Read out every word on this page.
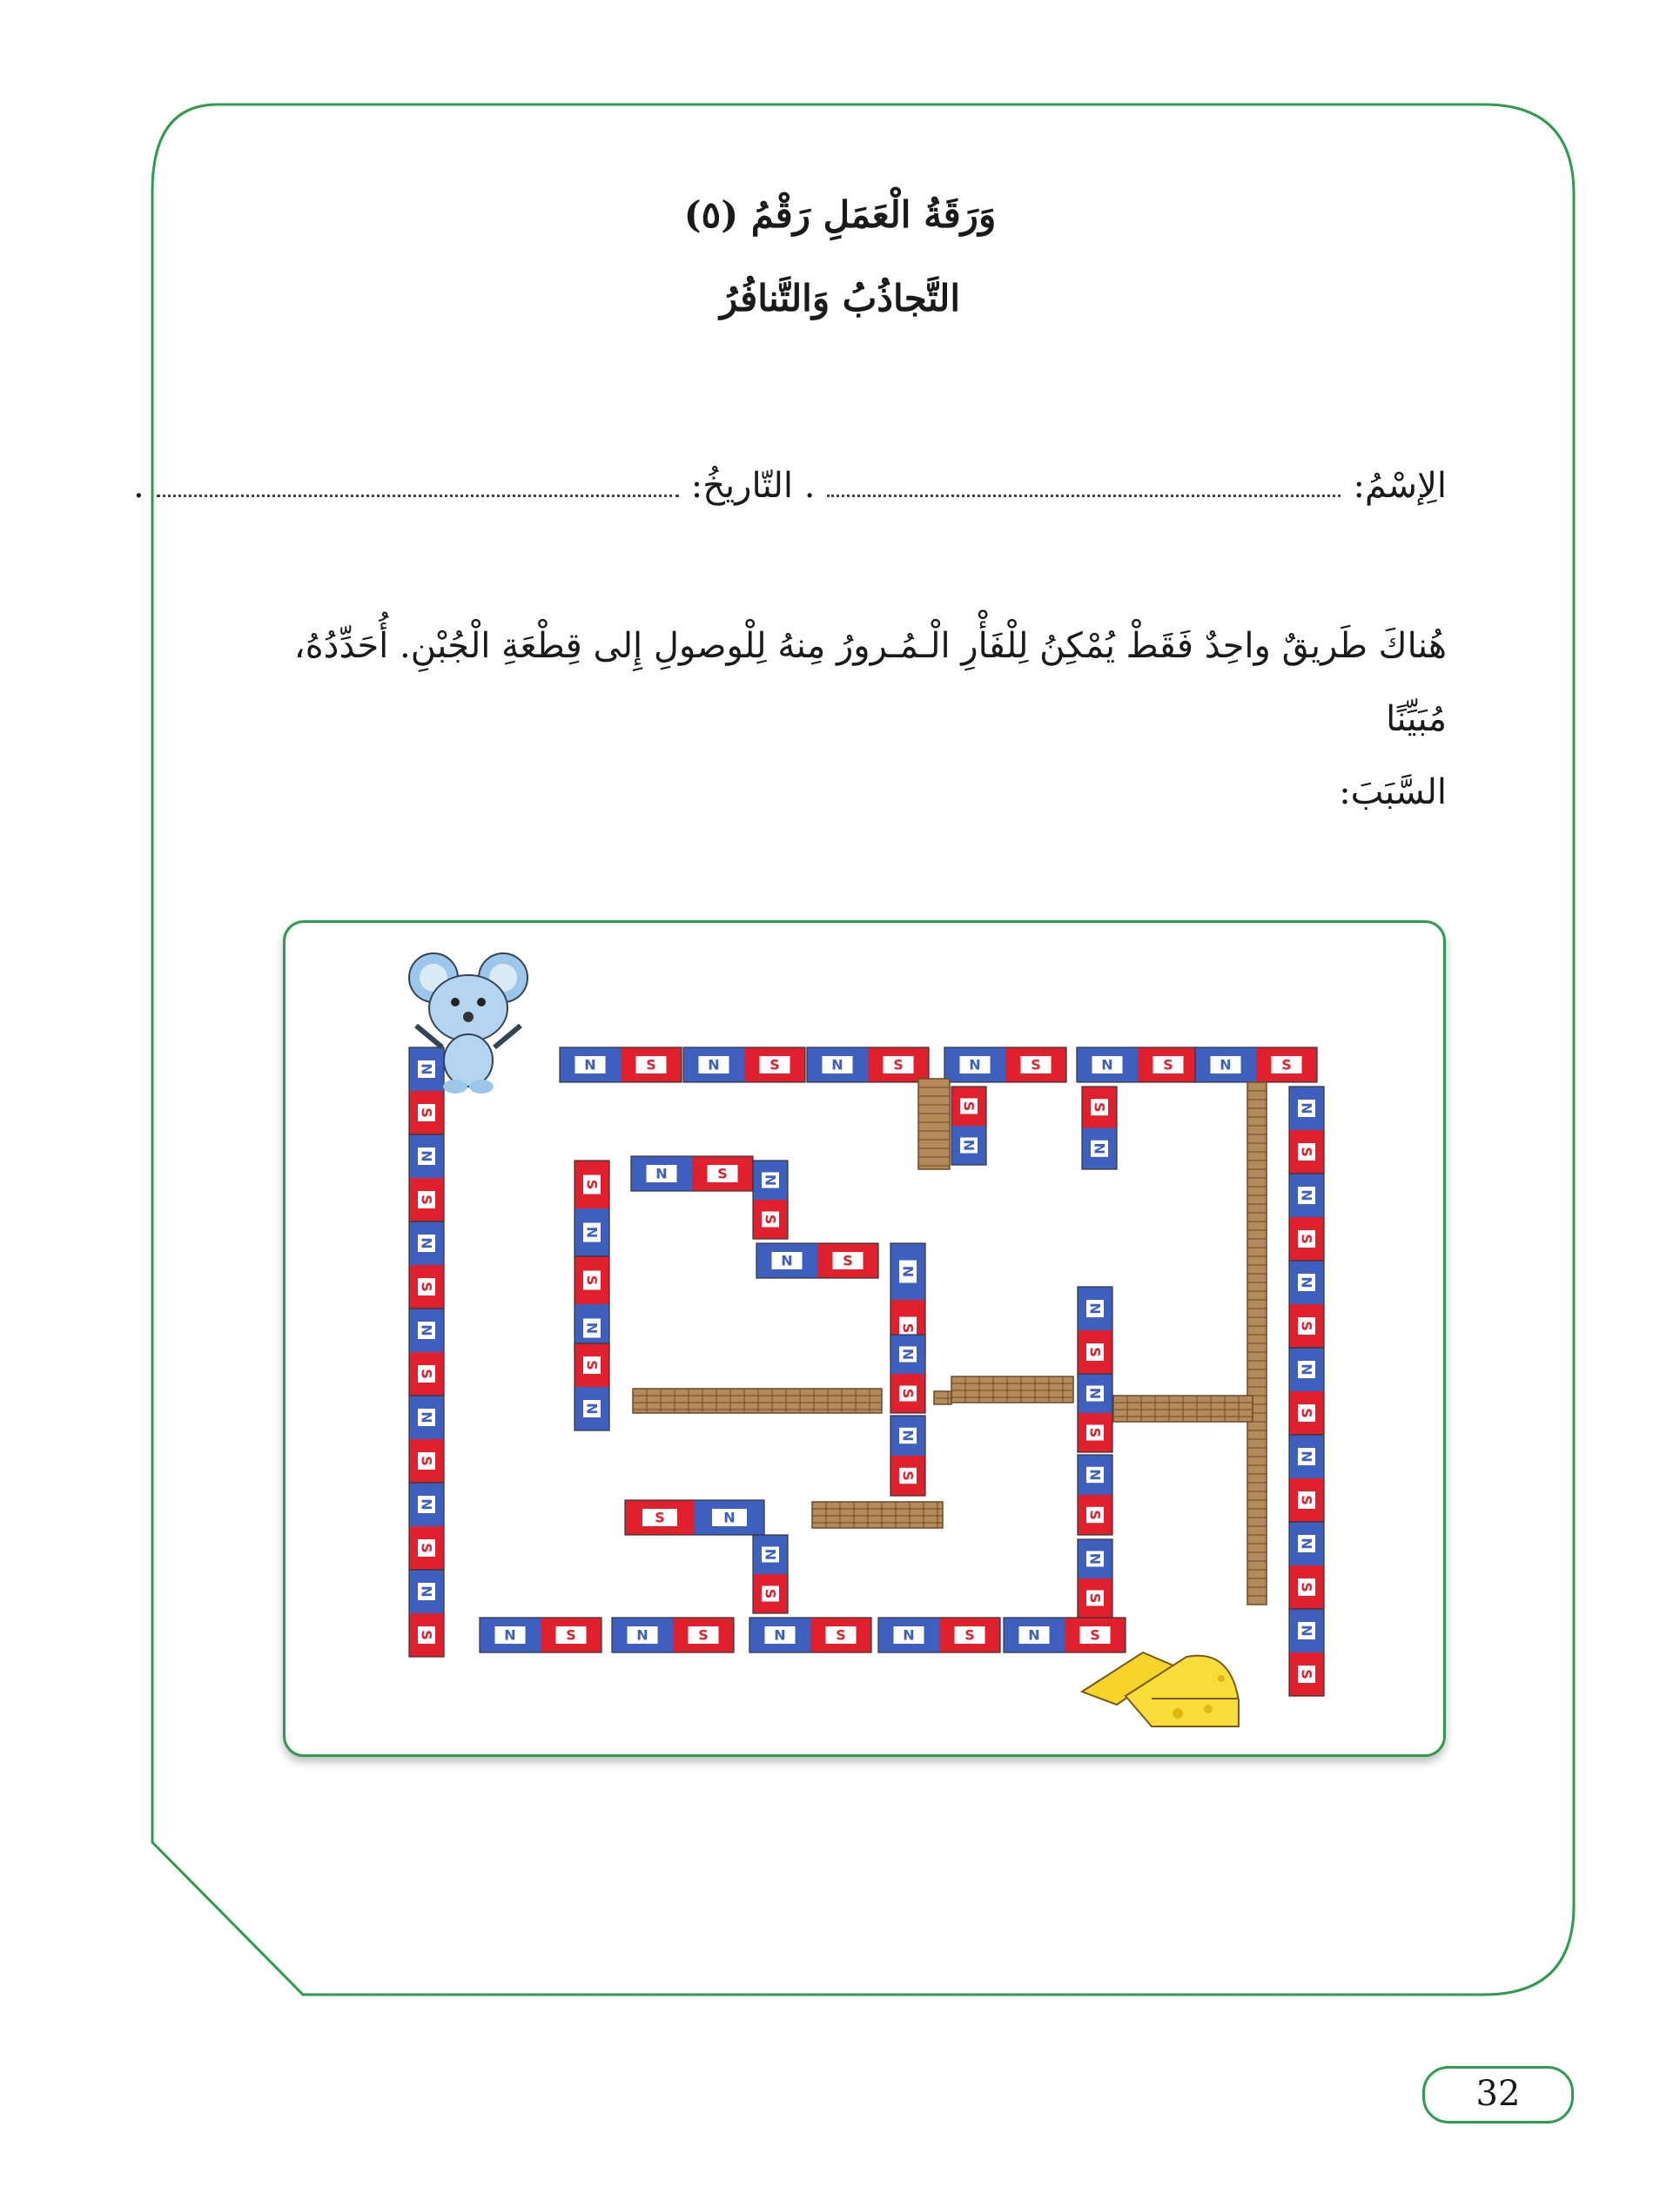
وَرَقَةُ الْعَمَلِ رَقْمُ (٥)
التَّجاذُبُ وَالتَّنافُرُ
الِإسْمُ:
. التّاريخُ:
.
هُناكَ طَريقٌ واحِدٌ فَقَطْ يُمْكِنُ لِلْفَأْرِ الْـمُـرورُ مِنهُ لِلْوصولِ إِلى قِطْعَةِ الْجُبْنِ. أُحَدِّدُهُ، مُبَيِّنًا
السَّبَبَ:
N	S	N	S	N	S	N	S	N	S	N	S
N	S	N	S	N	S	N	S	N	S
N
S
N
S
N
S
N
S
N
S
N
S
N
S
N
S
N
S
N
S
N
S
N
S
N
S
N
S
S
N
S
N
S
N
N	S N
S
N	S
S
N
N
S
N
S
N
S
S
N
N
S
N
S
N
S
N
S
S	N
N
S
32
